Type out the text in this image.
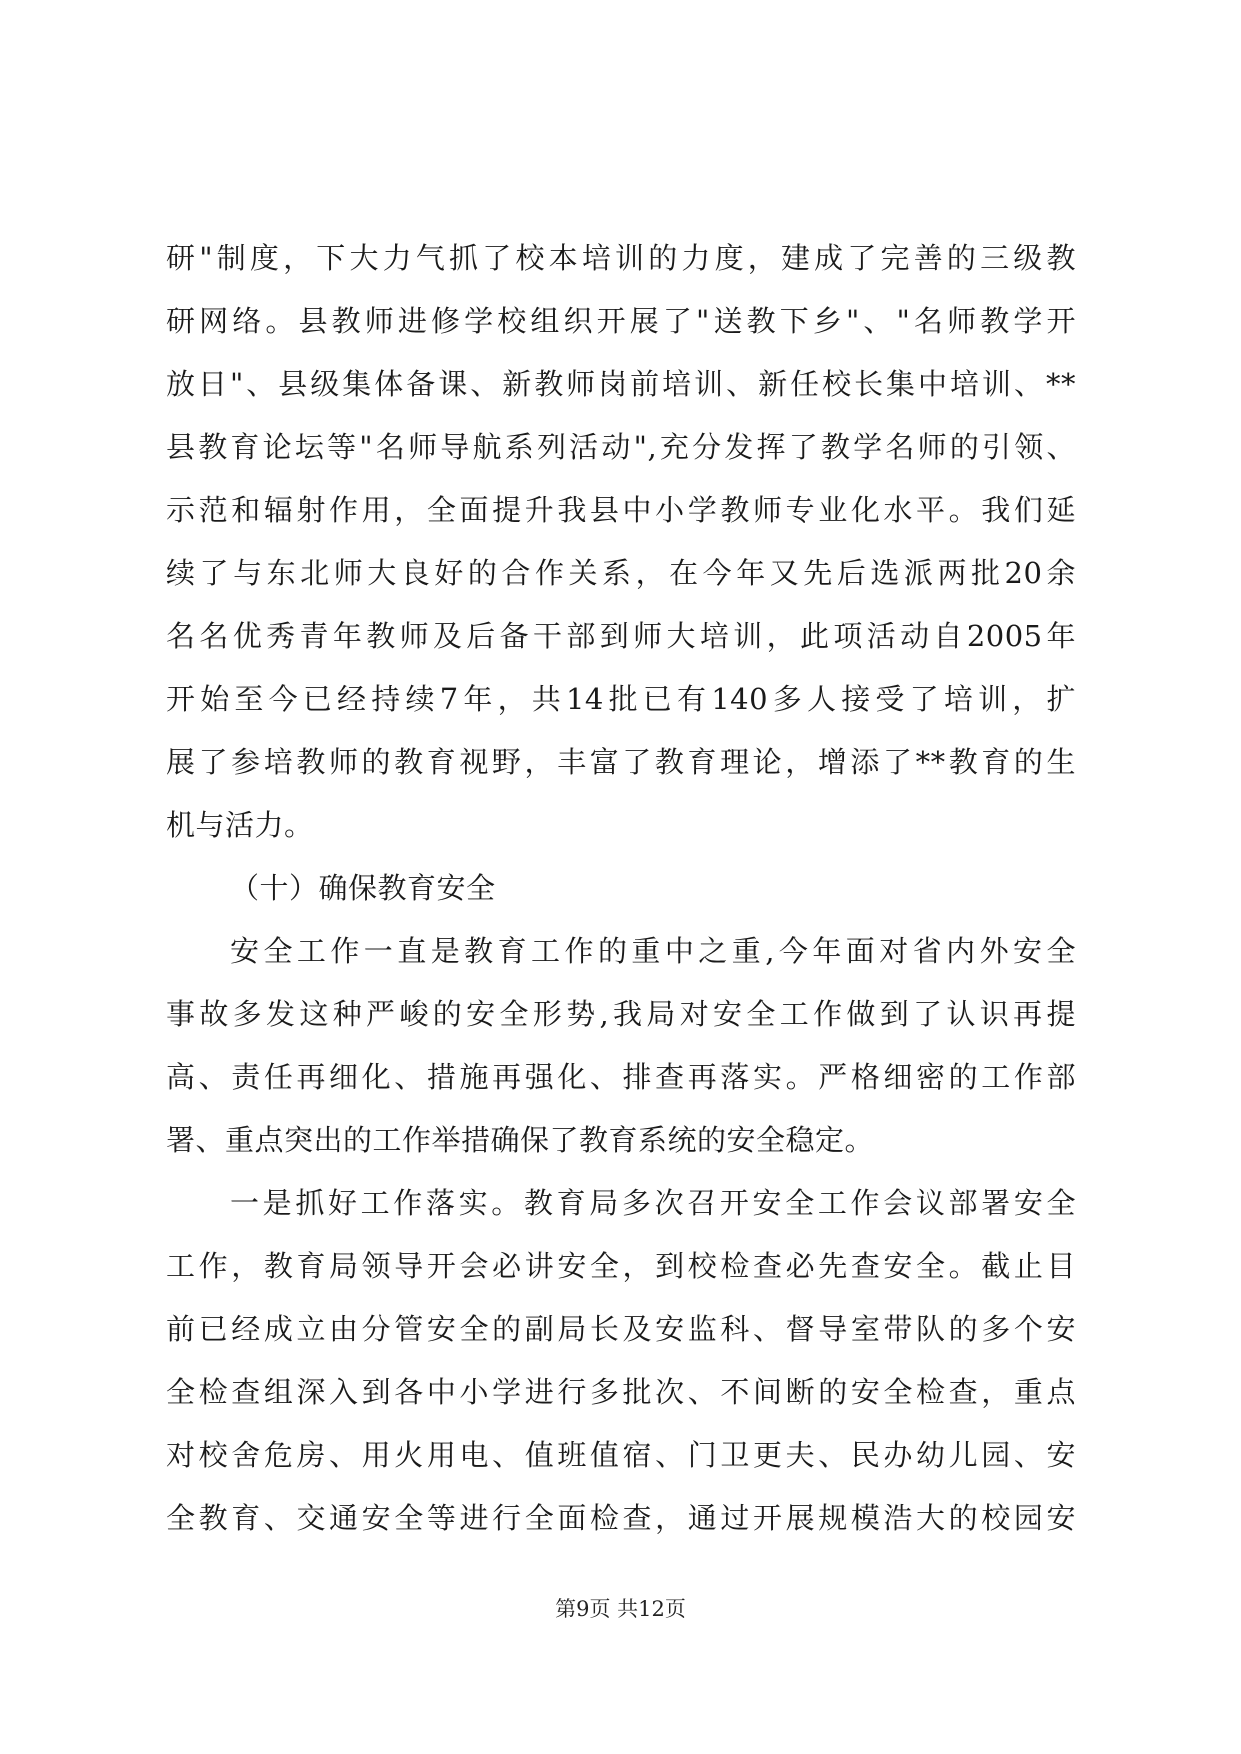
研"制度，下大力气抓了校本培训的力度，建成了完善的三级教
研网络。县教师进修学校组织开展了"送教下乡"、"名师教学开
放日"、县级集体备课、新教师岗前培训、新任校长集中培训、**
县教育论坛等"名师导航系列活动",充分发挥了教学名师的引领、
示范和辐射作用，全面提升我县中小学教师专业化水平。我们延
续了与东北师大良好的合作关系，在今年又先后选派两批20余
名名优秀青年教师及后备干部到师大培训，此项活动自2005年
开始至今已经持续7年，共14批已有140多人接受了培训，扩
展了参培教师的教育视野，丰富了教育理论，增添了**教育的生
机与活力。
（十）确保教育安全
安全工作一直是教育工作的重中之重,今年面对省内外安全
事故多发这种严峻的安全形势,我局对安全工作做到了认识再提
高、责任再细化、措施再强化、排查再落实。严格细密的工作部
署、重点突出的工作举措确保了教育系统的安全稳定。
一是抓好工作落实。教育局多次召开安全工作会议部署安全
工作，教育局领导开会必讲安全，到校检查必先查安全。截止目
前已经成立由分管安全的副局长及安监科、督导室带队的多个安
全检查组深入到各中小学进行多批次、不间断的安全检查，重点
对校舍危房、用火用电、值班值宿、门卫更夫、民办幼儿园、安
全教育、交通安全等进行全面检查，通过开展规模浩大的校园安
第9页 共12页
